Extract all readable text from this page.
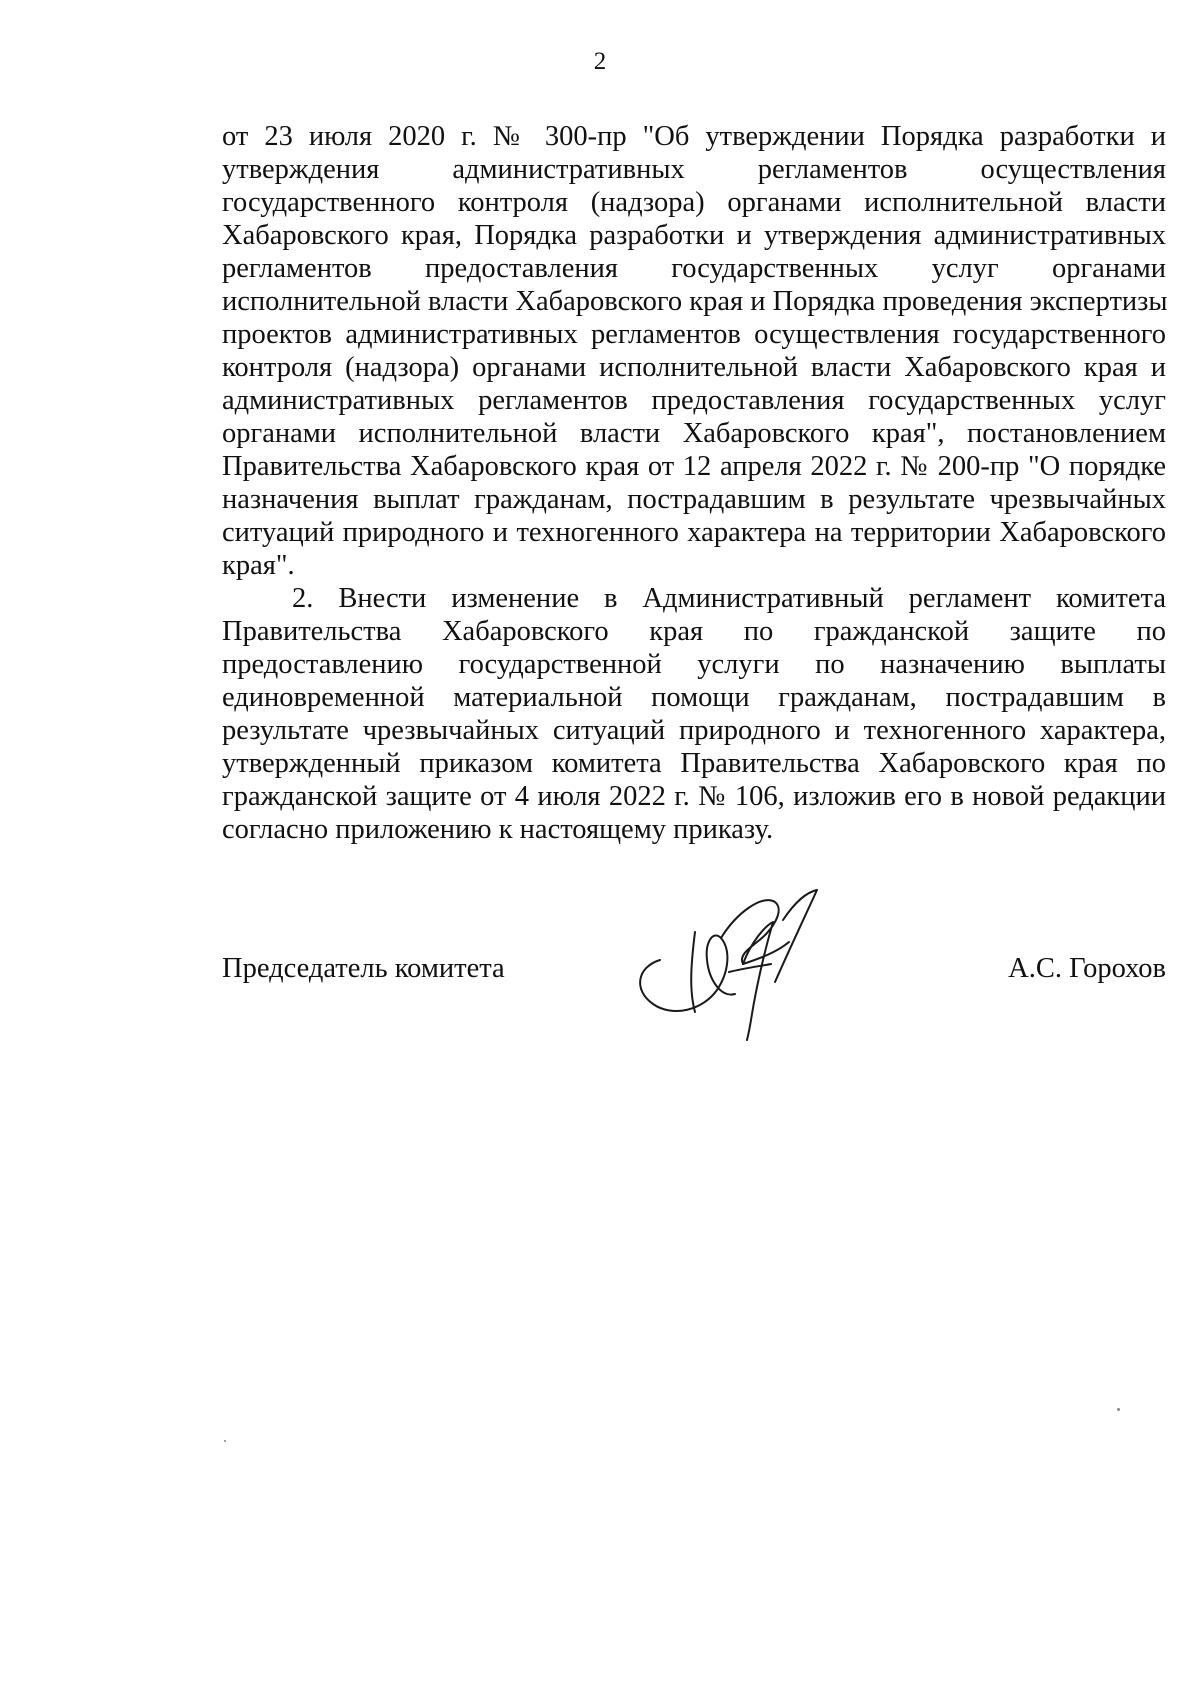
2
от 23 июля 2020 г. № 300-пр "Об утверждении Порядка разработки и
утверждения административных регламентов осуществления
государственного контроля (надзора) органами исполнительной власти
Хабаровского края, Порядка разработки и утверждения административных
регламентов предоставления государственных услуг органами
исполнительной власти Хабаровского края и Порядка проведения экспертизы
проектов административных регламентов осуществления государственного
контроля (надзора) органами исполнительной власти Хабаровского края и
административных регламентов предоставления государственных услуг
органами исполнительной власти Хабаровского края", постановлением
Правительства Хабаровского края от 12 апреля 2022 г. № 200-пр "О порядке
назначения выплат гражданам, пострадавшим в результате чрезвычайных
ситуаций природного и техногенного характера на территории Хабаровского
края".
2. Внести изменение в Административный регламент комитета
Правительства Хабаровского края по гражданской защите по
предоставлению государственной услуги по назначению выплаты
единовременной материальной помощи гражданам, пострадавшим в
результате чрезвычайных ситуаций природного и техногенного характера,
утвержденный приказом комитета Правительства Хабаровского края по
гражданской защите от 4 июля 2022 г. № 106, изложив его в новой редакции
согласно приложению к настоящему приказу.
Председатель комитета	А.С. Горохов
